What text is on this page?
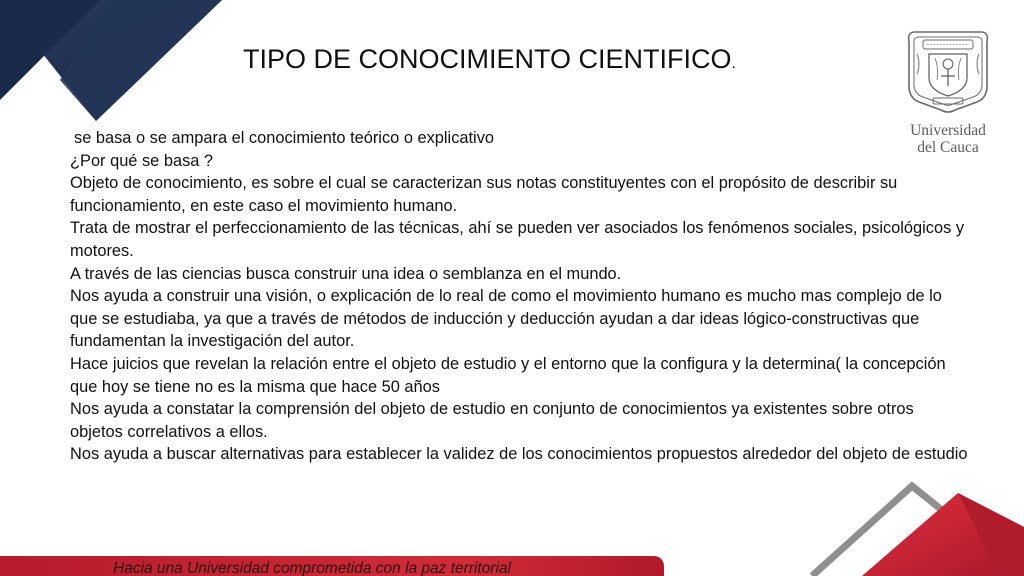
TIPO DE CONOCIMIENTO CIENTIFICO.

se basa o se ampara el conocimiento teórico o explicativo

¿Por qué se basa ?

Objeto de conocimiento, es sobre el cual se caracterizan sus notas constituyentes con el propósito de describir su funcionamiento, en este caso el movimiento humano.

Trata de mostrar el perfeccionamiento de las técnicas, ahí se pueden ver asociados los fenómenos sociales, psicológicos y motores.

A través de las ciencias busca construir una idea o semblanza en el mundo.

Nos ayuda a construir una visión, o explicación de lo real de como el movimiento humano es mucho mas complejo de lo que se estudiaba, ya que a través de métodos de inducción y deducción ayudan a dar ideas lógico-constructivas que fundamentan la investigación del autor.

Hace juicios que revelan la relación entre el objeto de estudio y el entorno que la configura y la determina( la concepción que hoy se tiene no es la misma que hace 50 años

Nos ayuda a constatar la comprensión del objeto de estudio en conjunto de conocimientos ya existentes sobre otros objetos correlativos a ellos.

Nos ayuda a buscar alternativas para establecer la validez de los conocimientos propuestos alrededor del objeto de estudio

Universidad
del Cauca
Hacia una Universidad comprometida con la paz territorial
